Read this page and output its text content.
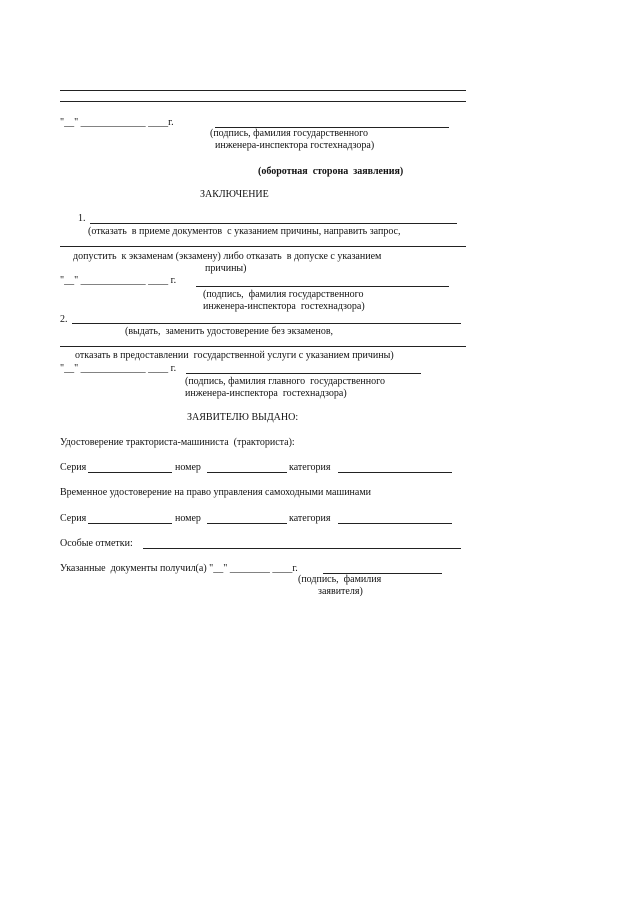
"__" _____________ ____г.
(подпись, фамилия государственного
инженера-инспектора гостехнадзора)
(оборотная  сторона  заявления)
ЗАКЛЮЧЕНИЕ
1.
(отказать  в приеме документов  с указанием причины, направить запрос,
допустить  к экзаменам (экзамену) либо отказать  в допуске с указанием
причины)
"__" _____________ ____ г.
(подпись,  фамилия государственного
инженера-инспектора  гостехнадзора)
2.
(выдать,  заменить удостоверение без экзаменов,
отказать в предоставлении  государственной услуги с указанием причины)
"__" _____________ ____ г.
(подпись, фамилия главного  государственного
инженера-инспектора  гостехнадзора)
ЗАЯВИТЕЛЮ ВЫДАНО:
Удостоверение тракториста-машиниста  (тракториста):
Серия	номер	категория
Временное удостоверение на право управления самоходными машинами
Серия	номер	категория
Особые отметки:
Указанные  документы получил(а) "__" ________ ____г.
(подпись,  фамилия
заявителя)
